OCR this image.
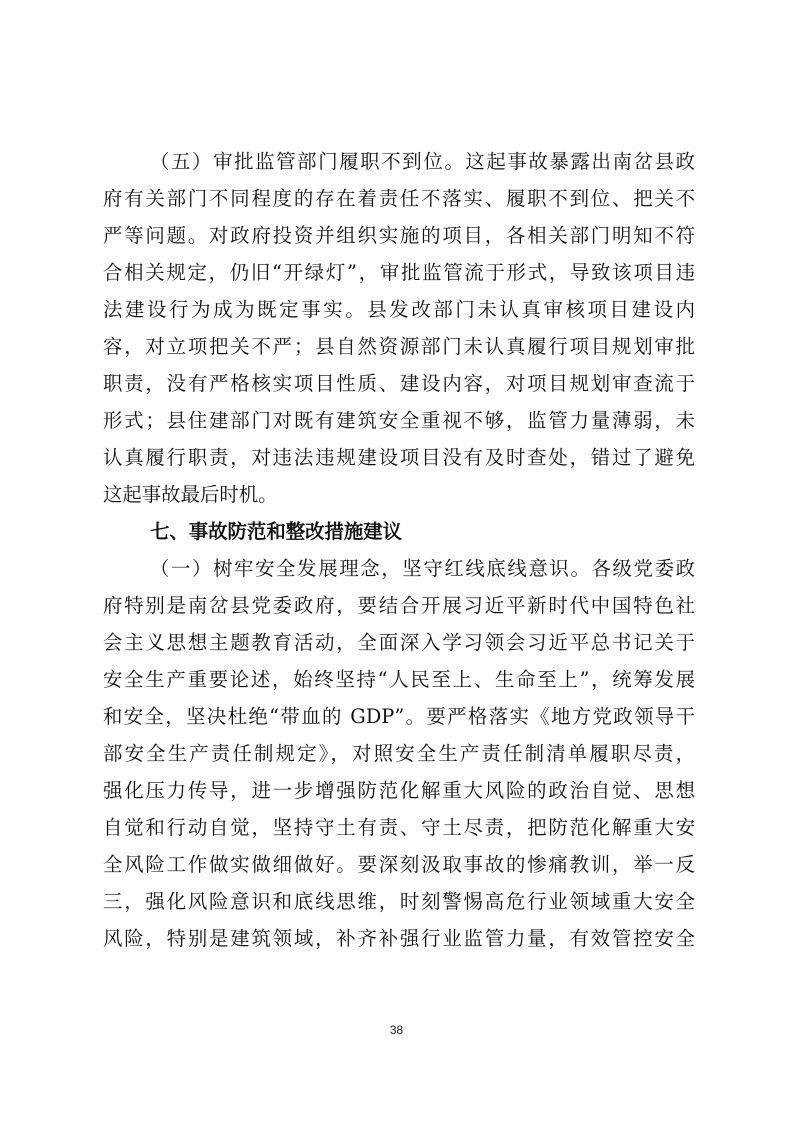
（五）审批监管部门履职不到位。这起事故暴露出南岔县政
府有关部门不同程度的存在着责任不落实、履职不到位、把关不
严等问题。对政府投资并组织实施的项目，各相关部门明知不符
合相关规定，仍旧“开绿灯”，审批监管流于形式，导致该项目违
法建设行为成为既定事实。县发改部门未认真审核项目建设内
容，对立项把关不严；县自然资源部门未认真履行项目规划审批
职责，没有严格核实项目性质、建设内容，对项目规划审查流于
形式；县住建部门对既有建筑安全重视不够，监管力量薄弱，未
认真履行职责，对违法违规建设项目没有及时查处，错过了避免
这起事故最后时机。
七、事故防范和整改措施建议
（一）树牢安全发展理念，坚守红线底线意识。各级党委政
府特别是南岔县党委政府，要结合开展习近平新时代中国特色社
会主义思想主题教育活动，全面深入学习领会习近平总书记关于
安全生产重要论述，始终坚持“人民至上、生命至上”，统筹发展
和安全，坚决杜绝“带血的 GDP”。要严格落实《地方党政领导干
部安全生产责任制规定》，对照安全生产责任制清单履职尽责，
强化压力传导，进一步增强防范化解重大风险的政治自觉、思想
自觉和行动自觉，坚持守土有责、守土尽责，把防范化解重大安
全风险工作做实做细做好。要深刻汲取事故的惨痛教训，举一反
三，强化风险意识和底线思维，时刻警惕高危行业领域重大安全
风险，特别是建筑领域，补齐补强行业监管力量，有效管控安全
38
